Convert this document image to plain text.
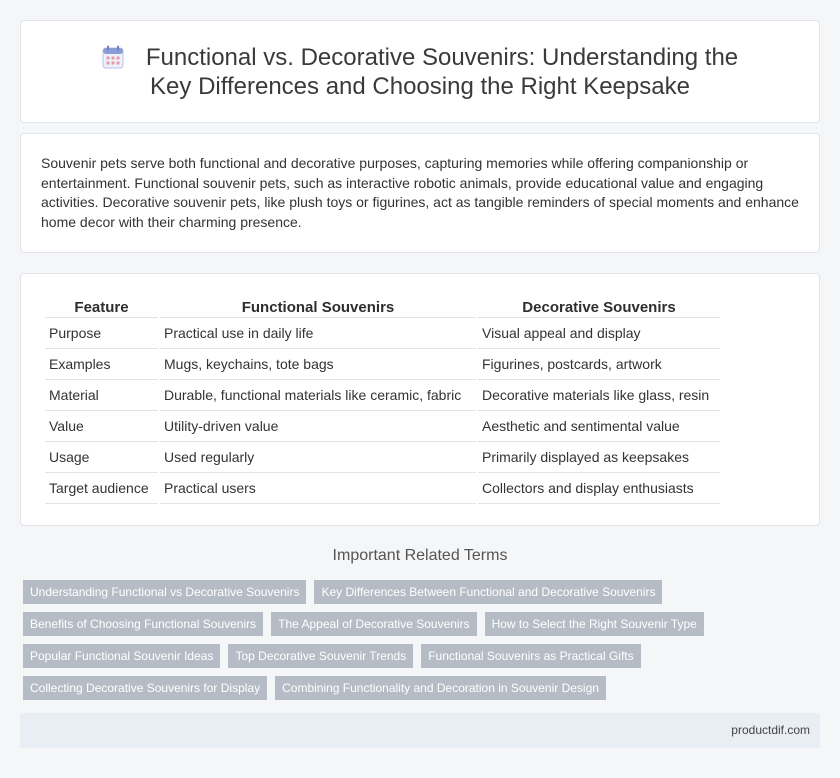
Functional vs. Decorative Souvenirs: Understanding the Key Differences and Choosing the Right Keepsake

Souvenir pets serve both functional and decorative purposes, capturing memories while offering companionship or entertainment. Functional souvenir pets, such as interactive robotic animals, provide educational value and engaging activities. Decorative souvenir pets, like plush toys or figurines, act as tangible reminders of special moments and enhance home decor with their charming presence.

Feature	Functional Souvenirs	Decorative Souvenirs
Purpose	Practical use in daily life	Visual appeal and display
Examples	Mugs, keychains, tote bags	Figurines, postcards, artwork
Material	Durable, functional materials like ceramic, fabric	Decorative materials like glass, resin
Value	Utility-driven value	Aesthetic and sentimental value
Usage	Used regularly	Primarily displayed as keepsakes
Target audience	Practical users	Collectors and display enthusiasts
Important Related Terms
Understanding Functional vs Decorative Souvenirs	Key Differences Between Functional and Decorative Souvenirs
Benefits of Choosing Functional Souvenirs	The Appeal of Decorative Souvenirs	How to Select the Right Souvenir Type
Popular Functional Souvenir Ideas	Top Decorative Souvenir Trends	Functional Souvenirs as Practical Gifts
Collecting Decorative Souvenirs for Display	Combining Functionality and Decoration in Souvenir Design
productdif.com
